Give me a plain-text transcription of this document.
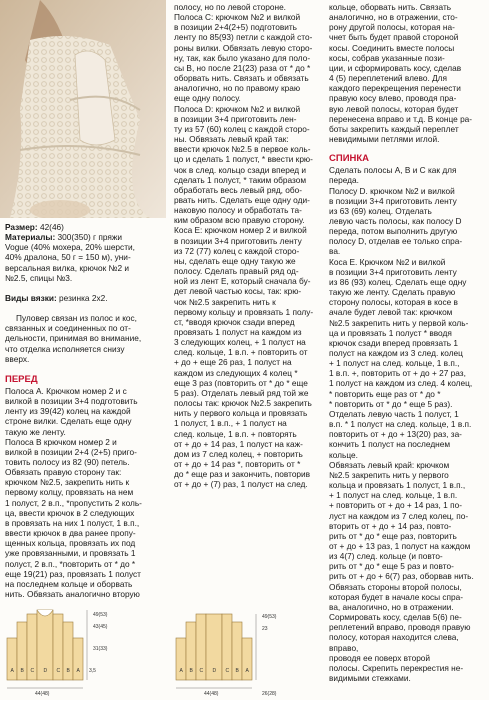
Размер: 42(46)

Материалы: 300(350) г пряжи

Vogue (40% мохера, 20% шерсти,

40% дралона, 50 г = 150 м), уни-

версальная вилка, крючок №2 и

№2.5, спицы №3.

Виды вязки: резинка 2x2.

Пуловер связан из полос и кос,

связанных и соединенных по от-

дельности, принимая во внимание,

что отделка исполняется снизу

вверх.

ПЕРЕД

Полоса А. Крючком номер 2 и с

вилкой в позиции 3+4 подготовить

ленту из 39(42) колец на каждой

строне вилки. Сделать еще одну

такую же ленту.

Полоса В крючком номер 2 и

вилкой в позиции 2+4 (2+5) приго-

товить полосу из 82 (90) петель.

Обвязать правую сторону так:

крючком №2.5, закрепить нить к

первому колцу, провязать на нем

1 полуст, 2 в.п., *пропустить 2 коль-

ца, ввести крючок в 2 следующих

в провязать на них 1 полуст, 1 в.п.,

ввести крючок в два ранее пропу-

щенных кольца, провязать их под

уже провязанными, и провязать 1

полуст, 2 в.п., *повторить от * до *

еще 19(21) раз, провязать 1 полуст

на последнем кольце и оборвать

нить. Обвязать аналогично вторую

полосу, но по левой стороне.

Полоса С: крючком №2 и вилкой

в позиции 2+4(2+5) подготовить

ленту по 85(93) петли с каждой сто-

роны вилки. Обвязать левую сторо-

ну, так, как было указано для поло-

сы В, но после 21(23) раза от * до *

оборвать нить. Связать и обвязать

аналогично, но по правому краю

еще одну полосу.

Полоса D: крючком №2 и вилкой

в позиции 3+4 приготовить лен-

ту из 57 (60) колец с каждой сторо-

ны. Обвязать левый край так:

ввести крючок №2.5 в первое коль-

цо и сделать 1 полуст, * ввести крю-

чок в след. кольцо сзади вперед и

сделать 1 полуст, * таким образом

обработать весь левый ряд, обо-

рвать нить. Сделать еще одну оди-

наковую полосу и обработать та-

ким образом всю правую сторону.

Коса Е: крючком номер 2 и вилкой

в позиции 3+4 приготовить ленту

из 72 (77) колец с каждой сторо-

ны, сделать еще одну такую же

полосу. Сделать правый ряд од-

ной из лент Е, который сначала бу-

дет левой частью косы, так: крю-

чок №2.5 закрепить нить к

первому кольцу и провязать 1 полу-

ст, *вводя крючок сзади вперед

провязать 1 полуст на каждом из

3 следующих колец, + 1 полуст на

след. кольце, 1 в.п. + повторить от

+ до + еще 26 раз, 1 полуст на

каждом из следующих 4 колец *

еще 3 раз (повторить от * до * еще

5 раз). Отделать левый ряд той же

полосы так: крючок №2.5 закрепить

нить у первого кольца и провязать

1 полуст, 1 в.п., + 1 полуст на

след. кольце, 1 в.п. + повторять

от + до + 14 раз, 1 полуст на каж-

дом из 7 след колец, + повторить

от + до + 14 раз *, повторить от *

до * еще раз и закончить, повторив

от + до + (7) раз, 1 полуст на след.

кольце, оборвать нить. Связать

аналогично, но в отражении, сто-

рону другой полосы, которая на-

чнет быть будет правой стороной

косы. Соединить вместе полосы

косы, собрав указанные пози-

ции, и сформировать косу, сделав

4 (5) переплетений влево. Для

каждого перекрещения перенести

правую косу влево, проводя пра-

вую левой полосы, которая будет

перенесена вправо и т.д. В конце ра-

боты закрепить каждый переплет

невидимыми петлями иглой.

СПИНКА

Сделать полосы А, В и С как для

переда.

Полосу D. крючком №2 и вилкой

в позиции 3+4 приготовить ленту

из 63 (69) колец. Отделать

левую часть полосы, как полосу D

переда, потом выполнить другую

полосу D, отделав ее только спра-

ва.

Коса Е. Крючком №2 и вилкой

в позиции 3+4 приготовить ленту

из 86 (93) колец. Сделать еще одну

такую же ленту. Сделать правую

сторону полосы, которая в косе в

ачале будет левой так: крючком

№2.5 закрепить нить у первой коль-

ца и провязать 1 полуст * вводя

крючок сзади вперед провязать 1

полуст на каждом из 3 след. колец

+ 1 полуст на след. кольце, 1 в.п.,

1 в.п. +, повторить от + до + 27 раз,

1 полуст на каждом из след. 4 колец,

* повторить еще раз от * до *

* повторить от * до * еще 5 раз).

Отделать левую часть 1 полуст, 1

в.п. * 1 полуст на след. кольце, 1 в.п.

повторить от + до + 13(20) раз, за-

кончить 1 полуст на последнем

кольце.

Обвязать левый край: крючком

№2.5 закрепить нить у первого

кольца и провязать 1 полуст, 1 в.п.,

+ 1 полуст на след. кольце, 1 в.п.

+ повторить от + до + 14 раз, 1 по-

луст на каждом из 7 след колец, по-

вторить от + до + 14 раз, повто-

рить от * до * еще раз, повторить

от + до + 13 раз, 1 полуст на каждом

из 4(7) след. кольце (и повто-

рить от * до * еще 5 раз и повто-

рить от + до + 6(7) раз, оборвав нить.

Обвязать стороны второй полосы,

которая будет в начале косы спра-

ва, аналогично, но в отражении.

Сормировать косу, сделав 5(6) пе-

реплетений вправо, проводя правую

полосу, которая находится слева, вправо,

проводя ее поверх второй

полосы. Скрепить перекрестия не-

видимыми стежками.

A B C D C B A
49(53)
43(45)
31(33)
44(48)
3,5	A B C D C B A
49(53)
23
44(48)	26(28)
